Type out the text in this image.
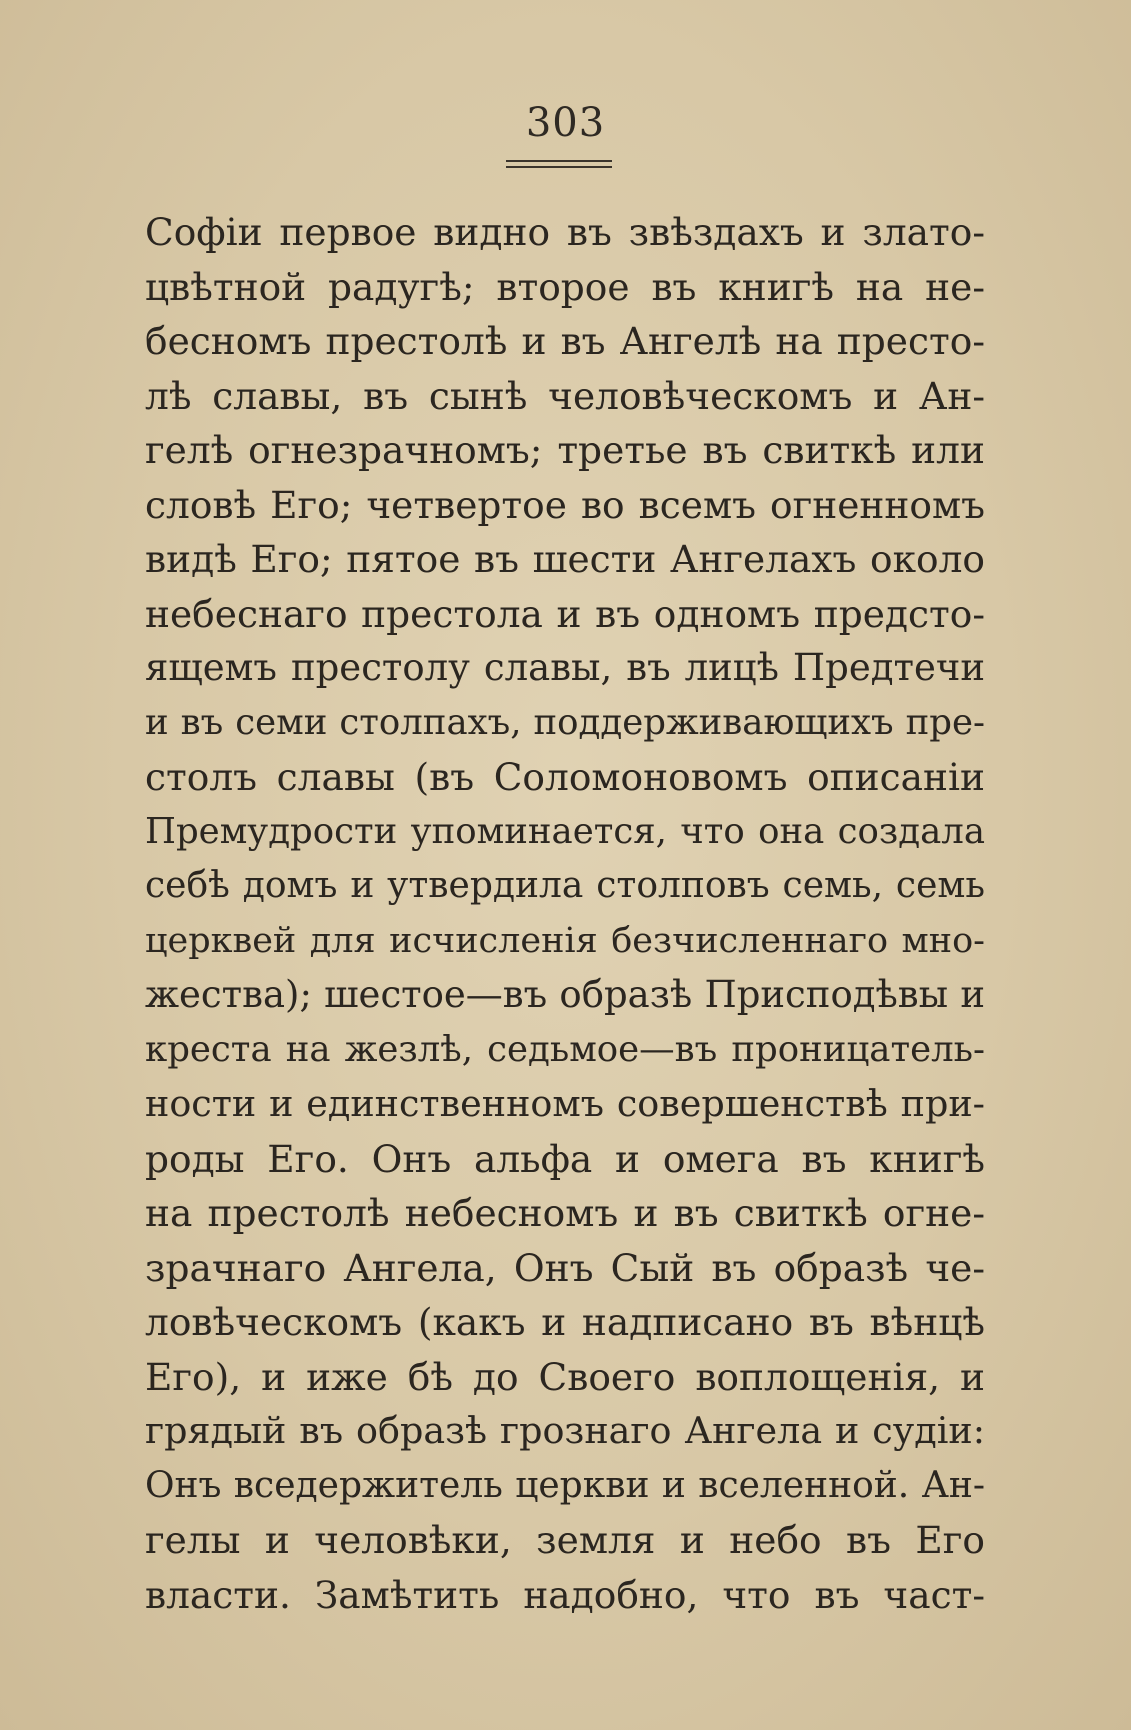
303
Софіи первое видно въ звѣздахъ и злато-
цвѣтной радугѣ; второе въ книгѣ на не-
бесномъ престолѣ и въ Ангелѣ на престо-
лѣ славы, въ сынѣ человѣческомъ и Ан-
гелѣ огнезрачномъ; третье въ свиткѣ или
словѣ Его; четвертое во всемъ огненномъ
видѣ Его; пятое въ шести Ангелахъ около
небеснаго престола и въ одномъ предсто-
ящемъ престолу славы, въ лицѣ Предтечи
и въ семи столпахъ, поддерживающихъ пре-
столъ славы (въ Соломоновомъ описаніи
Премудрости упоминается, что она создала
себѣ домъ и утвердила столповъ семь, семь
церквей для исчисленія безчисленнаго мно-
жества); шестое—въ образѣ Присподѣвы и
креста на жезлѣ, седьмое—въ проницатель-
ности и единственномъ совершенствѣ при-
роды Его. Онъ альфа и омега въ книгѣ
на престолѣ небесномъ и въ свиткѣ огне-
зрачнаго Ангела, Онъ Сый въ образѣ че-
ловѣческомъ (какъ и надписано въ вѣнцѣ
Его), и иже бѣ до Своего воплощенія, и
грядый въ образѣ грознаго Ангела и судіи:
Онъ вседержитель церкви и вселенной. Ан-
гелы и человѣки, земля и небо въ Его
власти. Замѣтить надобно, что въ част-
